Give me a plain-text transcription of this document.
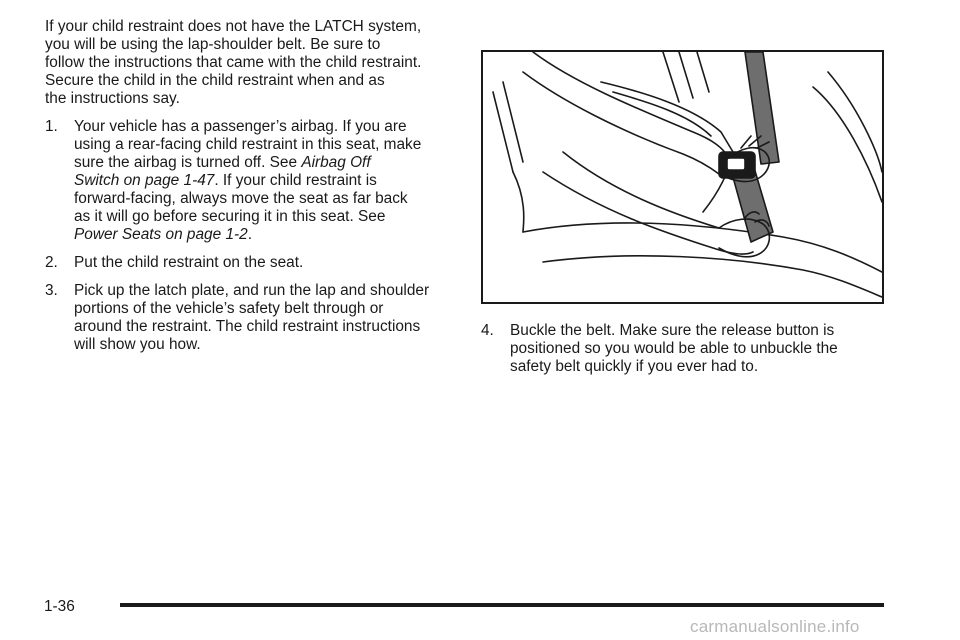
If your child restraint does not have the LATCH system,

you will be using the lap-shoulder belt. Be sure to

follow the instructions that came with the child restraint.

Secure the child in the child restraint when and as

the instructions say.

1. Your vehicle has a passenger’s airbag. If you are
using a rear-facing child restraint in this seat, make
sure the airbag is turned off. See Airbag Off
Switch on page 1-47. If your child restraint is
forward-facing, always move the seat as far back
as it will go before securing it in this seat. See
Power Seats on page 1-2.
2. Put the child restraint on the seat.
3. Pick up the latch plate, and run the lap and shoulder
portions of the vehicle’s safety belt through or
around the restraint. The child restraint instructions
will show you how.
4. Buckle the belt. Make sure the release button is
positioned so you would be able to unbuckle the
safety belt quickly if you ever had to.
1-36
carmanualsonline.info
